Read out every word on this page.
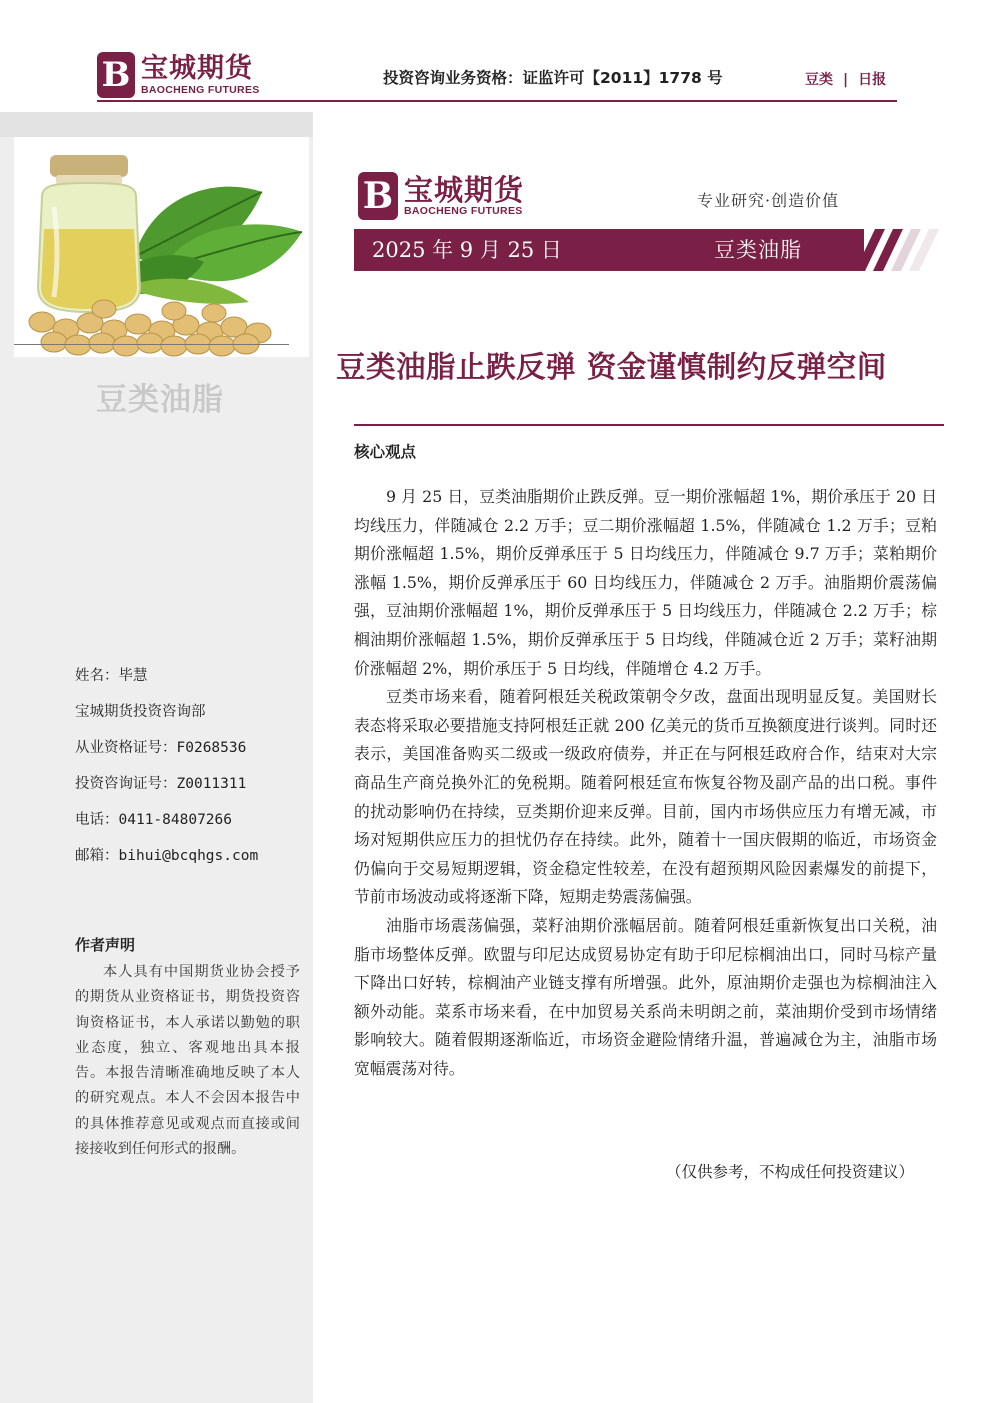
B 宝城期货
BAOCHENG FUTURES
投资咨询业务资格：证监许可【2011】1778 号	豆类 | 日报
豆类油脂
姓名：毕慧
宝城期货投资咨询部
从业资格证号：F0268536
投资咨询证号：Z0011311
电话：0411-84807266
邮箱：bihui@bcqhgs.com
作者声明
本人具有中国期货业协会授予的期货从业资格证书，期货投资咨询资格证书，本人承诺以勤勉的职业态度，独立、客观地出具本报告。本报告清晰准确地反映了本人的研究观点。本人不会因本报告中的具体推荐意见或观点而直接或间接接收到任何形式的报酬。
B 宝城期货
BAOCHENG FUTURES
专业研究·创造价值
2025 年 9 月 25 日	豆类油脂
豆类油脂止跌反弹 资金谨慎制约反弹空间
核心观点

9 月 25 日，豆类油脂期价止跌反弹。豆一期价涨幅超 1%，期价承压于 20 日均线压力，伴随减仓 2.2 万手；豆二期价涨幅超 1.5%，伴随减仓 1.2 万手；豆粕期价涨幅超 1.5%，期价反弹承压于 5 日均线压力，伴随减仓 9.7 万手；菜粕期价涨幅 1.5%，期价反弹承压于 60 日均线压力，伴随减仓 2 万手。油脂期价震荡偏强，豆油期价涨幅超 1%，期价反弹承压于 5 日均线压力，伴随减仓 2.2 万手；棕榈油期价涨幅超 1.5%，期价反弹承压于 5 日均线，伴随减仓近 2 万手；菜籽油期价涨幅超 2%，期价承压于 5 日均线，伴随增仓 4.2 万手。

豆类市场来看，随着阿根廷关税政策朝令夕改，盘面出现明显反复。美国财长表态将采取必要措施支持阿根廷正就 200 亿美元的货币互换额度进行谈判。同时还表示，美国准备购买二级或一级政府债券，并正在与阿根廷政府合作，结束对大宗商品生产商兑换外汇的免税期。随着阿根廷宣布恢复谷物及副产品的出口税。事件的扰动影响仍在持续，豆类期价迎来反弹。目前，国内市场供应压力有增无减，市场对短期供应压力的担忧仍存在持续。此外，随着十一国庆假期的临近，市场资金仍偏向于交易短期逻辑，资金稳定性较差，在没有超预期风险因素爆发的前提下，节前市场波动或将逐渐下降，短期走势震荡偏强。

油脂市场震荡偏强，菜籽油期价涨幅居前。随着阿根廷重新恢复出口关税，油脂市场整体反弹。欧盟与印尼达成贸易协定有助于印尼棕榈油出口，同时马棕产量下降出口好转，棕榈油产业链支撑有所增强。此外，原油期价走强也为棕榈油注入额外动能。菜系市场来看，在中加贸易关系尚未明朗之前，菜油期价受到市场情绪影响较大。随着假期逐渐临近，市场资金避险情绪升温，普遍减仓为主，油脂市场宽幅震荡对待。

（仅供参考，不构成任何投资建议）
